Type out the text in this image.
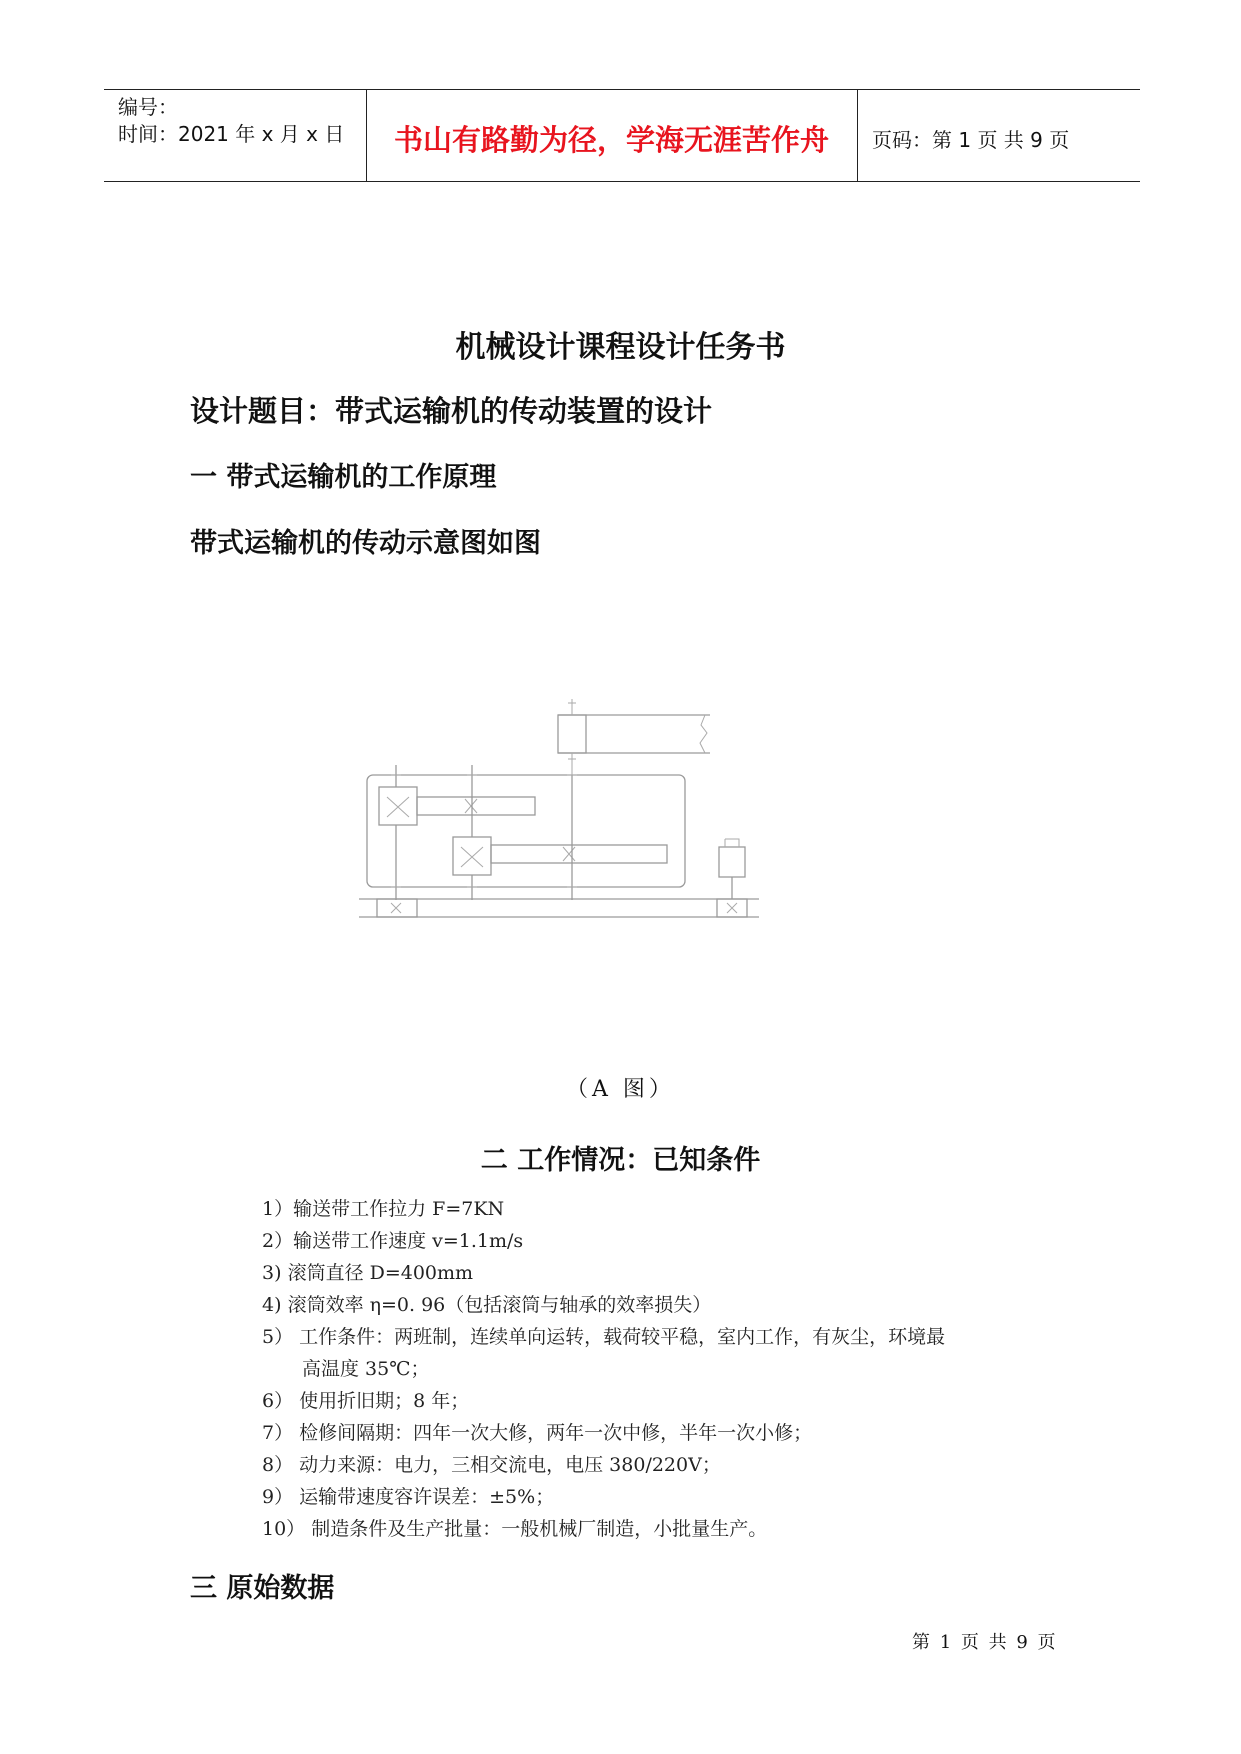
编号：
时间：2021 年 x 月 x 日 书山有路勤为径，学海无涯苦作舟 页码：第 1 页 共 9 页
机械设计课程设计任务书
设计题目：带式运输机的传动装置的设计
一 带式运输机的工作原理
带式运输机的传动示意图如图
（A 图）
二 工作情况：已知条件
1）输送带工作拉力 F=7KN
2）输送带工作速度 v=1.1m/s
3) 滚筒直径 D=400mm
4) 滚筒效率 η=0. 96（包括滚筒与轴承的效率损失）
5） 工作条件：两班制，连续单向运转，载荷较平稳，室内工作，有灰尘，环境最
高温度 35℃；
6） 使用折旧期；8 年；
7） 检修间隔期：四年一次大修，两年一次中修，半年一次小修；
8） 动力来源：电力，三相交流电，电压 380/220V；
9） 运输带速度容许误差：±5%；
10） 制造条件及生产批量：一般机械厂制造，小批量生产。
三 原始数据
第 1 页 共 9 页
